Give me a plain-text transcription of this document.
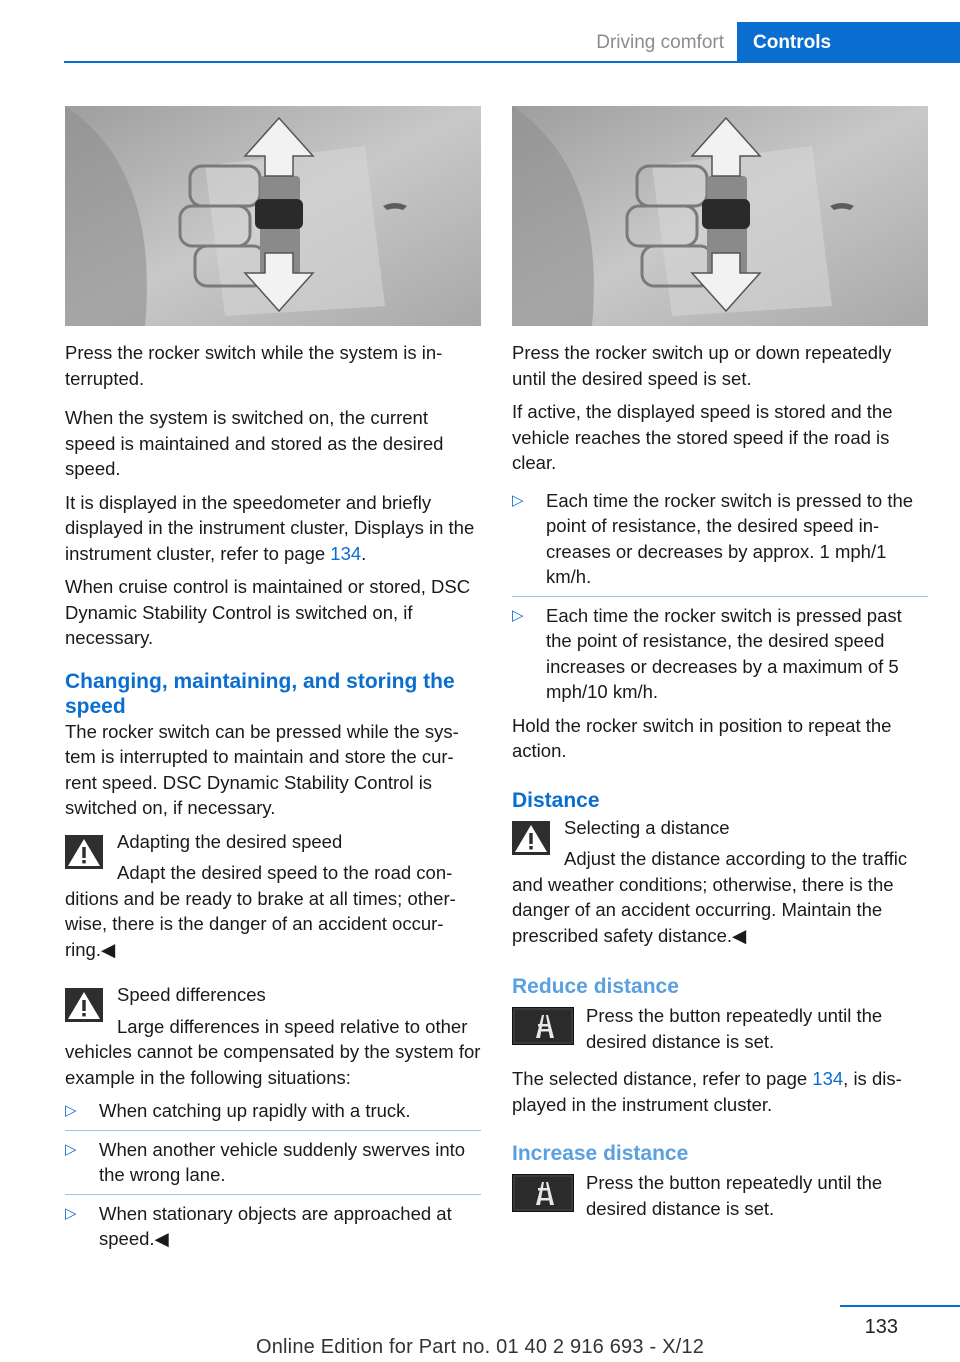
Driving comfort	Controls

Press the rocker switch while the system is in-terrupted.

When the system is switched on, the current speed is maintained and stored as the desired speed.

It is displayed in the speedometer and briefly displayed in the instrument cluster, Displays in the instrument cluster, refer to page 134.

When cruise control is maintained or stored, DSC Dynamic Stability Control is switched on, if necessary.

Changing, maintaining, and storing the speed

The rocker switch can be pressed while the sys-tem is interrupted to maintain and store the cur-rent speed. DSC Dynamic Stability Control is switched on, if necessary.

Adapting the desired speed
Adapt the desired speed to the road con-ditions and be ready to brake at all times; other-wise, there is the danger of an accident occur-ring.◀
Speed differences
Large differences in speed relative to other vehicles cannot be compensated by the system for example in the following situations:
▷ When catching up rapidly with a truck.
▷ When another vehicle suddenly swerves into the wrong lane.
▷ When stationary objects are approached at speed.◀

Press the rocker switch up or down repeatedly until the desired speed is set.

If active, the displayed speed is stored and the vehicle reaches the stored speed if the road is clear.

▷ Each time the rocker switch is pressed to the point of resistance, the desired speed in-creases or decreases by approx. 1 mph/1 km/h.
▷ Each time the rocker switch is pressed past the point of resistance, the desired speed increases or decreases by a maximum of 5 mph/10 km/h.

Hold the rocker switch in position to repeat the action.

Distance
Selecting a distance
Adjust the distance according to the traffic and weather conditions; otherwise, there is the danger of an accident occurring. Maintain the prescribed safety distance.◀
Reduce distance

Press the button repeatedly until the desired distance is set.

The selected distance, refer to page 134, is dis-played in the instrument cluster.

Increase distance

Press the button repeatedly until the desired distance is set.

133
Online Edition for Part no. 01 40 2 916 693 - X/12
